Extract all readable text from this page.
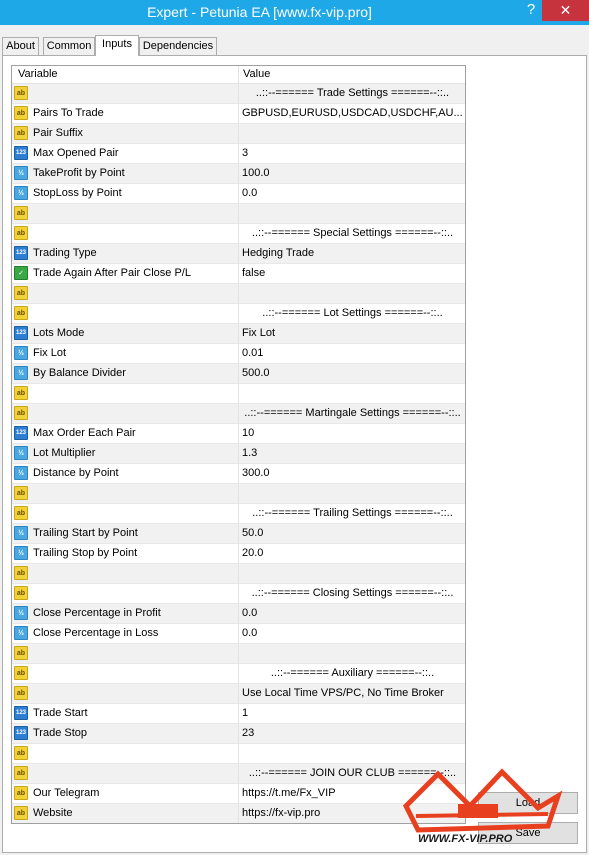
Expert - Petunia EA [www.fx-vip.pro]	?	✕
About	Common Inputs Dependencies
Variable	Value
ab	..::--====== Trade Settings ======--::..
ab Pairs To Trade	GBPUSD,EURUSD,USDCAD,USDCHF,AU...
ab Pair Suffix
123 Max Opened Pair	3
½ TakeProfit by Point	100.0
½ StopLoss by Point	0.0
ab
ab	..::--====== Special Settings ======--::..
123 Trading Type	Hedging Trade
✓ Trade Again After Pair Close P/L	false
ab
ab	..::--====== Lot Settings ======--::..
123 Lots Mode	Fix Lot
½ Fix Lot	0.01
½ By Balance Divider	500.0
ab
ab	..::--====== Martingale Settings ======--::..
123 Max Order Each Pair	10
½ Lot Multiplier	1.3
½ Distance by Point	300.0
ab
ab	..::--====== Trailing Settings ======--::..
½ Trailing Start by Point	50.0
½ Trailing Stop by Point	20.0
ab
ab	..::--====== Closing Settings ======--::..
½ Close Percentage in Profit	0.0
½ Close Percentage in Loss	0.0
ab
ab	..::--====== Auxiliary ======--::..
ab	Use Local Time VPS/PC, No Time Broker
123 Trade Start	1
123 Trade Stop	23
ab
ab	..::--====== JOIN OUR CLUB ======--::..
ab Our Telegram	https://t.me/Fx_VIP
ab Website	https://fx-vip.pro
Load
Save
WWW.FX-VIP.PRO
